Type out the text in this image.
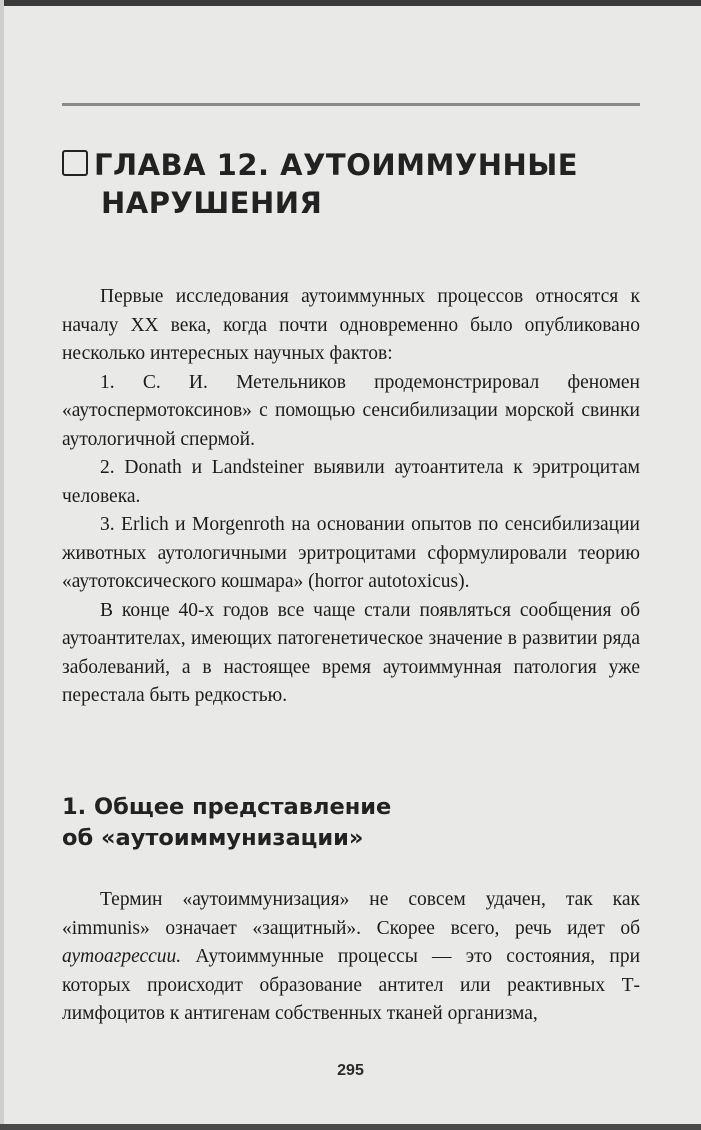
ГЛАВА 12. АУТОИММУННЫЕ
НАРУШЕНИЯ

Первые исследования аутоиммунных процессов относятся к началу XX века, когда почти одновременно было опубликовано несколько интересных научных фактов:

1. С. И. Метельников продемонстрировал феномен «аутоспермотоксинов» с помощью сенсибилизации морской свинки аутологичной спермой.

2. Donath и Landsteiner выявили аутоантитела к эритроцитам человека.

3. Erlich и Morgenroth на основании опытов по сенсибилизации животных аутологичными эритроцитами сформулировали теорию «аутотоксического кошмара» (horror autotoxicus).

В конце 40-х годов все чаще стали появляться сообщения об аутоантителах, имеющих патогенетическое значение в развитии ряда заболеваний, а в настоящее время аутоиммунная патология уже перестала быть редкостью.

1. Общее представление
об «аутоиммунизации»

Термин «аутоиммунизация» не совсем удачен, так как «immunis» означает «защитный». Скорее всего, речь идет об аутоагрессии. Аутоиммунные процессы — это состояния, при которых происходит образование антител или реактивных Т-лимфоцитов к антигенам собственных тканей организма,

295
